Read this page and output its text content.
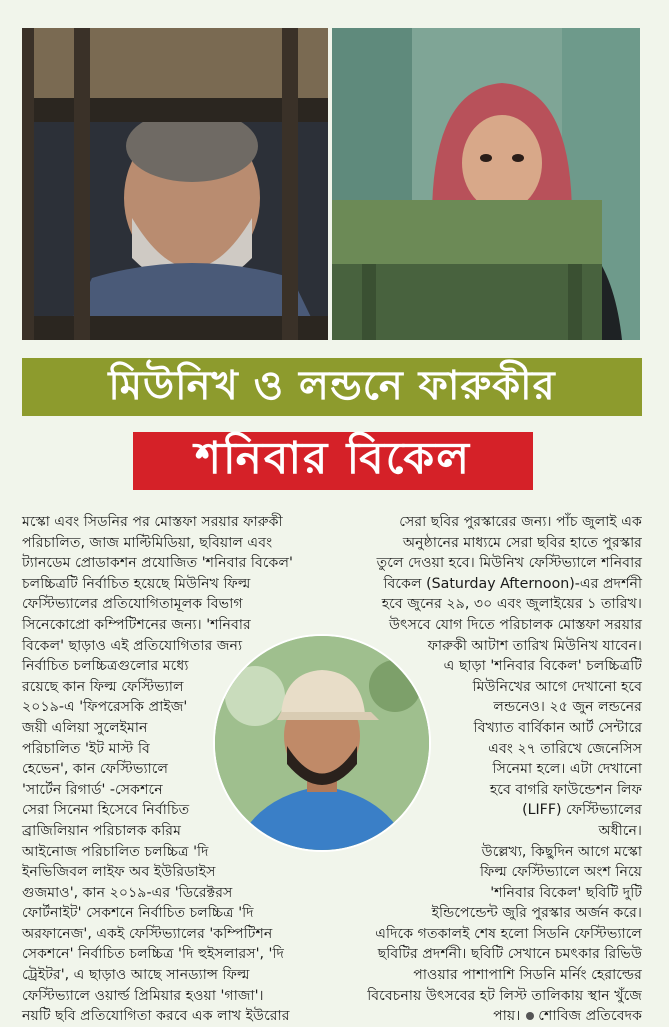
মিউনিখ ও লন্ডনে ফারুকীর
শনিবার বিকেল
মস্কো এবং সিডনির পর মোস্তফা সরয়ার ফারুকী
পরিচালিত, জাজ মাল্টিমিডিয়া, ছবিয়াল এবং
ট্যানডেম প্রোডাকশন প্রযোজিত 'শনিবার বিকেল'
চলচ্চিত্রটি নির্বাচিত হয়েছে মিউনিখ ফিল্ম
ফেস্টিভ্যালের প্রতিযোগিতামূলক বিভাগ
সিনেকোপ্রো কম্পিটিশনের জন্য। 'শনিবার
বিকেল' ছাড়াও এই প্রতিযোগিতার জন্য
নির্বাচিত চলচ্চিত্রগুলোর মধ্যে
রয়েছে কান ফিল্ম ফেস্টিভ্যাল
২০১৯-এ 'ফিপরেসকি প্রাইজ'
জয়ী এলিয়া সুলেইমান
পরিচালিত 'ইট মাস্ট বি
হেভেন', কান ফেস্টিভ্যালে
'সার্টেন রিগার্ড' -সেকশনে
সেরা সিনেমা হিসেবে নির্বাচিত
ব্রাজিলিয়ান পরিচালক করিম
আইনোজ পরিচালিত চলচ্চিত্র 'দি
ইনভিজিবল লাইফ অব ইউরিডাইস
গুজমাও', কান ২০১৯-এর 'ডিরেক্টরস
ফোর্টনাইট' সেকশনে নির্বাচিত চলচ্চিত্র 'দি
অরফানেজ', একই ফেস্টিভ্যালের 'কম্পিটিশন
সেকশনে' নির্বাচিত চলচ্চিত্র 'দি হুইসলারস', 'দি
ট্রেইটর', এ ছাড়াও আছে সানড্যান্স ফিল্ম
ফেস্টিভ্যালে ওয়ার্ল্ড প্রিমিয়ার হওয়া 'গাজা'।
নয়টি ছবি প্রতিযোগিতা করবে এক লাখ ইউরোর
সেরা ছবির পুরস্কারের জন্য। পাঁচ জুলাই এক
অনুষ্ঠানের মাধ্যমে সেরা ছবির হাতে পুরস্কার
তুলে দেওয়া হবে। মিউনিখ ফেস্টিভ্যালে শনিবার
বিকেল (Saturday Afternoon)-এর প্রদর্শনী
হবে জুনের ২৯, ৩০ এবং জুলাইয়ের ১ তারিখ।
উৎসবে যোগ দিতে পরিচালক মোস্তফা সরয়ার
ফারুকী আটাশ তারিখ মিউনিখ যাবেন।
এ ছাড়া 'শনিবার বিকেল' চলচ্চিত্রটি
মিউনিখের আগে দেখানো হবে
লন্ডনেও। ২৫ জুন লন্ডনের
বিখ্যাত বার্বিকান আর্ট সেন্টারে
এবং ২৭ তারিখে জেনেসিস
সিনেমা হলে। এটা দেখানো
হবে বাগরি ফাউন্ডেশন লিফ
(LIFF) ফেস্টিভ্যালের
অধীনে।
উল্লেখ্য, কিছুদিন আগে মস্কো
ফিল্ম ফেস্টিভ্যালে অংশ নিয়ে
'শনিবার বিকেল' ছবিটি দুটি
ইন্ডিপেন্ডেন্ট জুরি পুরস্কার অর্জন করে।
এদিকে গতকালই শেষ হলো সিডনি ফেস্টিভ্যালে
ছবিটির প্রদর্শনী। ছবিটি সেখানে চমৎকার রিভিউ
পাওয়ার পাশাপাশি সিডনি মর্নিং হেরাল্ডের
বিবেচনায় উৎসবের হট লিস্ট তালিকায় স্থান খুঁজে
পায়। শোবিজ প্রতিবেদক
